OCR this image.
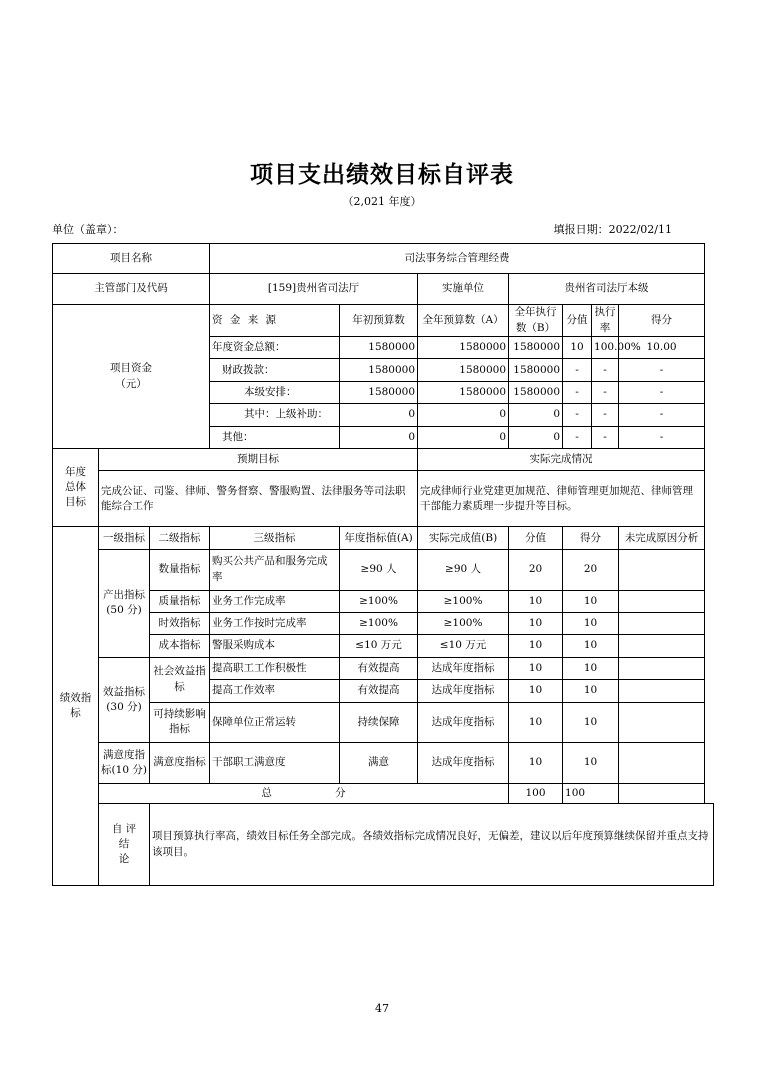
项目支出绩效目标自评表
（2,021 年度）
单位（盖章）：	填报日期：2022/02/11
项目名称			司法事务综合管理经费						
主管部门及代码			[159]贵州省司法厅		实施单位	贵州省司法厅本级			

项目资金
（元）			资 金 来 源	年初预算数	全年预算数（A）	全年执行数（B）	分值	执行率	得分
			年度资金总额：	1580000	1580000	1580000	10	100.00%	10.00
			财政拨款：	1580000	1580000	1580000	-	-	-
			本级安排：	1580000	1580000	1580000	-	-	-
			其中：上级补助：	0	0	0	-	-	-
			其他：	0	0	0	-	-	-

年度
总体
目标	预期目标				实际完成情况				
	完成公证、司鉴、律师、警务督察、警服购置、法律服务等司法职能综合工作				完成律师行业党建更加规范、律师管理更加规范、律师管理干部能力素质理一步提升等目标。				
绩效指标	一级指标	二级指标	三级指标	年度指标值(A)	实际完成值(B)	分值	得分		未完成原因分析

	产出指标
(50 分)	数量指标	购买公共产品和服务完成率	≥90 人	≥90 人	20	20		
		质量指标	业务工作完成率	≥100%	≥100%	10	10		
		时效指标	业务工作按时完成率	≥100%	≥100%	10	10		
		成本指标	警服采购成本	≤10 万元	≤10 万元	10	10		

	效益指标
(30 分)	社会效益指标	提高职工工作积极性	有效提高	达成年度指标	10	10		
			提高工作效率	有效提高	达成年度指标	10	10		
		可持续影响指标	保障单位正常运转	持续保障	达成年度指标	10	10		
	满意度指标(10 分)	满意度指标	干部职工满意度	满意	达成年度指标	10	10		
	总 分					100	100		

	自 评
结
论	项目预算执行率高，绩效目标任务全部完成。各绩效指标完成情况良好，无偏差，建议以后年度预算继续保留并重点支持该项目。							
47
